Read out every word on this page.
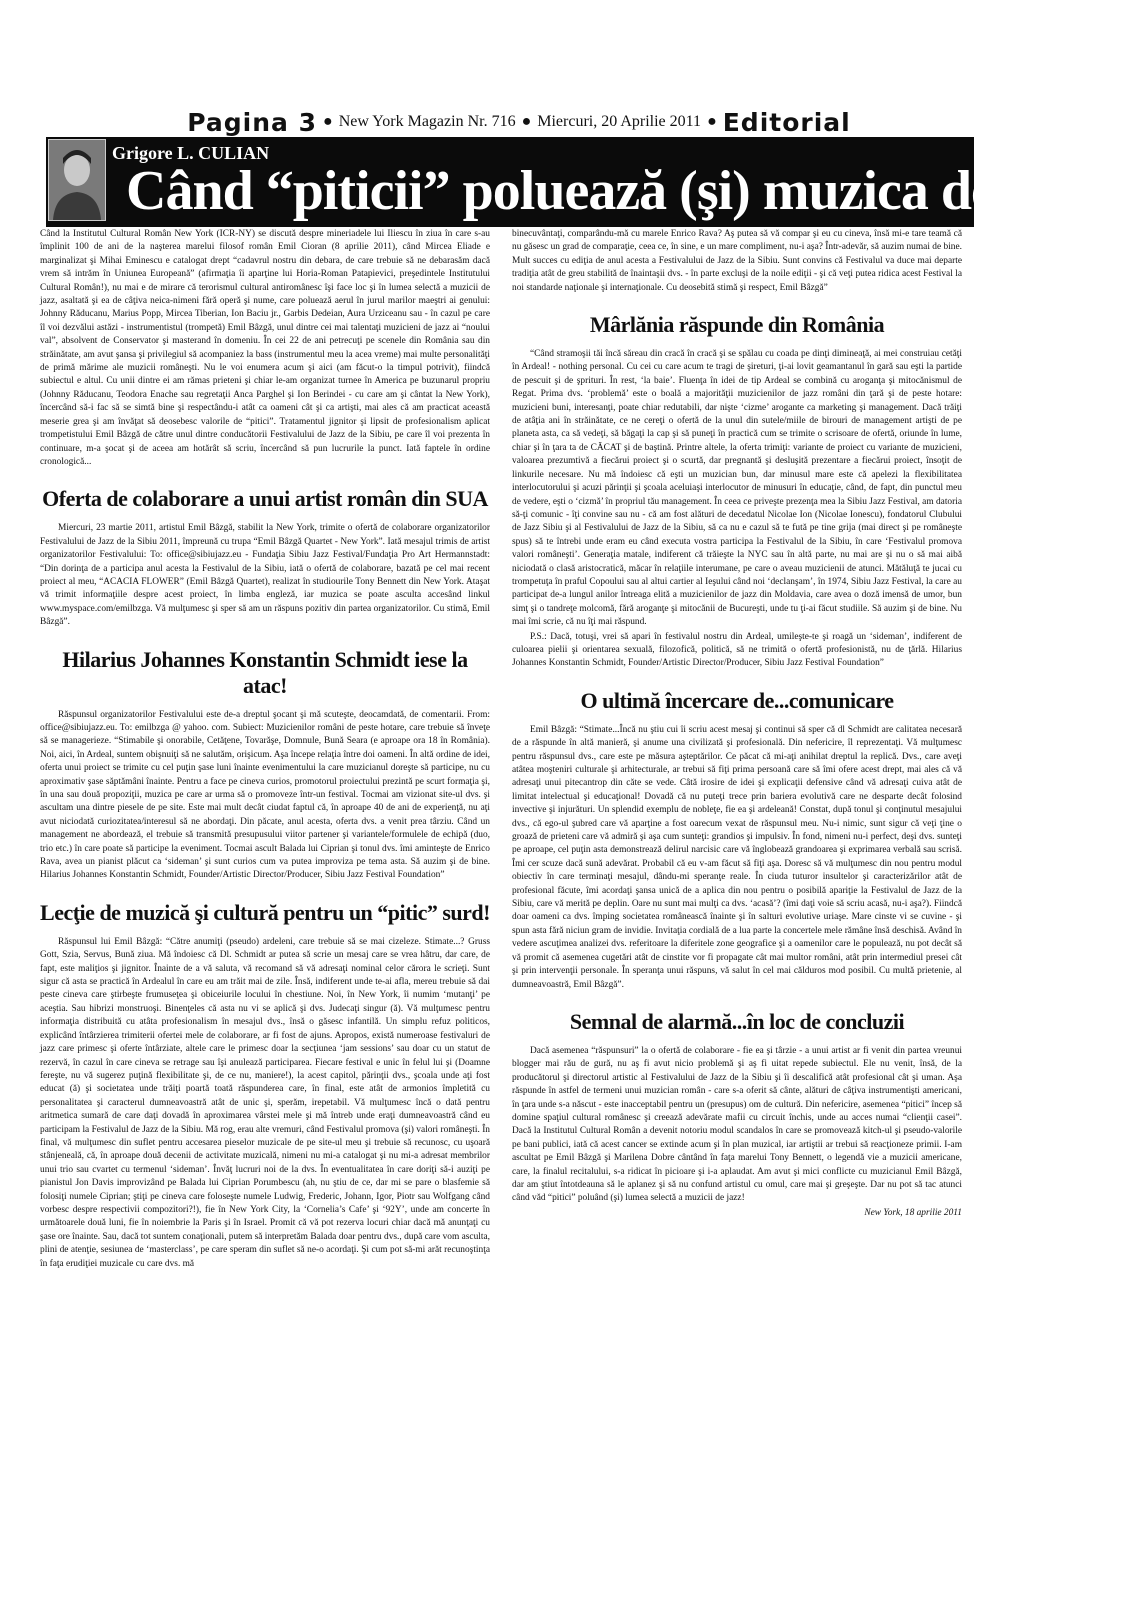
Pagina 3 ● New York Magazin Nr. 716 ● Miercuri, 20 Aprilie 2011 ● Editorial
Grigore L. CULIAN
Când “piticii” poluează (şi) muzica de jazz...

Când la Institutul Cultural Român New York (ICR-NY) se discută despre mineriadele lui Iliescu în ziua în care s-au împlinit 100 de ani de la naşterea marelui filosof român Emil Cioran (8 aprilie 2011), când Mircea Eliade e marginalizat şi Mihai Eminescu e catalogat drept “cadavrul nostru din debara, de care trebuie să ne debarasăm dacă vrem să intrăm în Uniunea Europeană” (afirmaţia îi aparţine lui Horia-Roman Patapievici, preşedintele Institutului Cultural Român!), nu mai e de mirare că terorismul cultural antiromânesc îşi face loc şi în lumea selectă a muzicii de jazz, asaltată şi ea de câţiva neica-nimeni fără operă şi nume, care poluează aerul în jurul marilor maeştri ai genului: Johnny Răducanu, Marius Popp, Mircea Tiberian, Ion Baciu jr., Garbis Dedeian, Aura Urziceanu sau - în cazul pe care îl voi dezvălui astăzi - instrumentistul (trompetă) Emil Bâzgă, unul dintre cei mai talentaţi muzicieni de jazz ai “noului val”, absolvent de Conservator şi masterand în domeniu. În cei 22 de ani petrecuţi pe scenele din România sau din străinătate, am avut şansa şi privilegiul să acompaniez la bass (instrumentul meu la acea vreme) mai multe personalităţi de primă mărime ale muzicii româneşti. Nu le voi enumera acum şi aici (am făcut-o la timpul potrivit), fiindcă subiectul e altul. Cu unii dintre ei am rămas prieteni şi chiar le-am organizat turnee în America pe buzunarul propriu (Johnny Răducanu, Teodora Enache sau regretaţii Anca Parghel şi Ion Berindei - cu care am şi cântat la New York), încercând să-i fac să se simtă bine şi respectându-i atât ca oameni cât şi ca artişti, mai ales că am practicat această meserie grea şi am învăţat să deosebesc valorile de “pitici”. Tratamentul jignitor şi lipsit de profesionalism aplicat trompetistului Emil Bâzgă de către unul dintre conducătorii Festivalului de Jazz de la Sibiu, pe care îl voi prezenta în continuare, m-a şocat şi de aceea am hotărât să scriu, încercând să pun lucrurile la punct. Iată faptele în ordine cronologică...

Oferta de colaborare a unui artist român din SUA

Miercuri, 23 martie 2011, artistul Emil Bâzgă, stabilit la New York, trimite o ofertă de colaborare organizatorilor Festivalului de Jazz de la Sibiu 2011, împreună cu trupa “Emil Bâzgă Quartet - New York”. Iată mesajul trimis de artist organizatorilor Festivalului: To: office@sibiujazz.eu - Fundaţia Sibiu Jazz Festival/Fundaţia Pro Art Hermannstadt: “Din dorinţa de a participa anul acesta la Festivalul de la Sibiu, iată o ofertă de colaborare, bazată pe cel mai recent proiect al meu, “ACACIA FLOWER” (Emil Bâzgă Quartet), realizat în studiourile Tony Bennett din New York. Ataşat vă trimit informaţiile despre acest proiect, în limba engleză, iar muzica se poate asculta accesând linkul www.myspace.com/emilbzga. Vă mulţumesc şi sper să am un răspuns pozitiv din partea organizatorilor. Cu stimă, Emil Bâzgă”.

Hilarius Johannes Konstantin Schmidt iese la atac!

Răspunsul organizatorilor Festivalului este de-a dreptul şocant şi mă scuteşte, deocamdată, de comentarii. From: office@sibiujazz.eu. To: emilbzga @ yahoo. com. Subiect: Muzicienilor români de peste hotare, care trebuie să înveţe să se managerieze. “Stimabile şi onorabile, Cetăţene, Tovarăşe, Domnule, Bună Seara (e aproape ora 18 în România). Noi, aici, în Ardeal, suntem obişnuiţi să ne salutăm, orişicum. Aşa începe relaţia între doi oameni. În altă ordine de idei, oferta unui proiect se trimite cu cel puţin şase luni înainte evenimentului la care muzicianul doreşte să participe, nu cu aproximativ şase săptămâni înainte. Pentru a face pe cineva curios, promotorul proiectului prezintă pe scurt formaţia şi, în una sau două propoziţii, muzica pe care ar urma să o promoveze într-un festival. Tocmai am vizionat site-ul dvs. şi ascultam una dintre piesele de pe site. Este mai mult decât ciudat faptul că, în aproape 40 de ani de experienţă, nu aţi avut niciodată curiozitatea/interesul să ne abordaţi. Din păcate, anul acesta, oferta dvs. a venit prea târziu. Când un management ne abordează, el trebuie să transmită presupusului viitor partener şi variantele/formulele de echipă (duo, trio etc.) în care poate să participe la eveniment. Tocmai ascult Balada lui Ciprian şi tonul dvs. îmi aminteşte de Enrico Rava, avea un pianist plăcut ca ‘sideman’ şi sunt curios cum va putea improviza pe tema asta. Să auzim şi de bine. Hilarius Johannes Konstantin Schmidt, Founder/Artistic Director/Producer, Sibiu Jazz Festival Foundation”

Lecţie de muzică şi cultură pentru un “pitic” surd!

Răspunsul lui Emil Bâzgă: “Către anumiţi (pseudo) ardeleni, care trebuie să se mai cizeleze. Stimate...? Gruss Gott, Szia, Servus, Bună ziua. Mă îndoiesc că Dl. Schmidt ar putea să scrie un mesaj care se vrea hâtru, dar care, de fapt, este maliţios şi jignitor. Înainte de a vă saluta, vă recomand să vă adresaţi nominal celor cărora le scrieţi. Sunt sigur că asta se practică în Ardealul în care eu am trăit mai de zile. Însă, indiferent unde te-ai afla, mereu trebuie să dai peste cineva care ştirbeşte frumuseţea şi obiceiurile locului în chestiune. Noi, în New York, îi numim ‘mutanţi’ pe aceştia. Sau hibrizi monstruoşi. Binenţeles că asta nu vi se aplică şi dvs. Judecaţi singur (ă). Vă mulţumesc pentru informaţia distribuită cu atâta profesionalism în mesajul dvs., însă o găsesc infantilă. Un simplu refuz politicos, explicând întârzierea trimiterii ofertei mele de colaborare, ar fi fost de ajuns. Apropos, există numeroase festivaluri de jazz care primesc şi oferte întârziate, altele care le primesc doar la secţiunea ‘jam sessions’ sau doar cu un statut de rezervă, în cazul în care cineva se retrage sau îşi anulează participarea. Fiecare festival e unic în felul lui şi (Doamne fereşte, nu vă sugerez puţină flexibilitate şi, de ce nu, maniere!), la acest capitol, părinţii dvs., şcoala unde aţi fost educat (ă) şi societatea unde trăiţi poartă toată răspunderea care, în final, este atât de armonios împletită cu personalitatea şi caracterul dumneavoastră atât de unic şi, sperăm, irepetabil. Vă mulţumesc încă o dată pentru aritmetica sumară de care daţi dovadă în aproximarea vârstei mele şi mă întreb unde eraţi dumneavoastră când eu participam la Festivalul de Jazz de la Sibiu. Mă rog, erau alte vremuri, când Festivalul promova (şi) valori româneşti. În final, vă mulţumesc din suflet pentru accesarea pieselor muzicale de pe site-ul meu şi trebuie să recunosc, cu uşoară stânjeneală, că, în aproape două decenii de activitate muzicală, nimeni nu mi-a catalogat şi nu mi-a adresat membrilor unui trio sau cvartet cu termenul ‘sideman’. Învăţ lucruri noi de la dvs. În eventualitatea în care doriţi să-i auziţi pe pianistul Jon Davis improvizând pe Balada lui Ciprian Porumbescu (ah, nu ştiu de ce, dar mi se pare o blasfemie să folosiţi numele Ciprian; ştiţi pe cineva care foloseşte numele Ludwig, Frederic, Johann, Igor, Piotr sau Wolfgang când vorbesc despre respectivii compozitori?!), fie în New York City, la ‘Cornelia’s Cafe’ şi ‘92Y’, unde am concerte în următoarele două luni, fie în noiembrie la Paris şi în Israel. Promit că vă pot rezerva locuri chiar dacă mă anunţaţi cu şase ore înainte. Sau, dacă tot suntem conaţionali, putem să interpretăm Balada doar pentru dvs., după care vom asculta, plini de atenţie, sesiunea de ‘masterclass’, pe care speram din suflet să ne-o acordaţi. Şi cum pot să-mi arăt recunoştinţa în faţa erudiţiei muzicale cu care dvs. mă

binecuvântaţi, comparându-mă cu marele Enrico Rava? Aş putea să vă compar şi eu cu cineva, însă mi-e tare teamă că nu găsesc un grad de comparaţie, ceea ce, în sine, e un mare compliment, nu-i aşa? Într-adevăr, să auzim numai de bine. Mult succes cu ediţia de anul acesta a Festivalului de Jazz de la Sibiu. Sunt convins că Festivalul va duce mai departe tradiţia atât de greu stabilită de înaintaşii dvs. - în parte excluşi de la noile ediţii - şi că veţi putea ridica acest Festival la noi standarde naţionale şi internaţionale. Cu deosebită stimă şi respect, Emil Bâzgă”

Mârlănia răspunde din România

“Când stramoşii tăi încă săreau din cracă în cracă şi se spălau cu coada pe dinţi dimineaţă, ai mei construiau cetăţi în Ardeal! - nothing personal. Cu cei cu care acum te tragi de şireturi, ţi-ai lovit geamantanul în gară sau eşti la partide de pescuit şi de şprituri. În rest, ‘la baie’. Fluenţa în idei de tip Ardeal se combină cu aroganţa şi mitocănismul de Regat. Prima dvs. ‘problemă’ este o boală a majorităţii muzicienilor de jazz români din ţară şi de peste hotare: muzicieni buni, interesanţi, poate chiar redutabili, dar nişte ‘cizme’ arogante ca marketing şi management. Dacă trăiţi de atâţia ani în străinătate, ce ne cereţi o ofertă de la unul din sutele/miile de birouri de management artişti de pe planeta asta, ca să vedeţi, să băgaţi la cap şi să puneţi în practică cum se trimite o scrisoare de ofertă, oriunde în lume, chiar şi în ţara ta de CĂCAT şi de baştină. Printre altele, la oferta trimiţi: variante de proiect cu variante de muzicieni, valoarea prezumtivă a fiecărui proiect şi o scurtă, dar pregnantă şi desluşită prezentare a fiecărui proiect, însoţit de linkurile necesare. Nu mă îndoiesc că eşti un muzician bun, dar minusul mare este că apelezi la flexibilitatea interlocutorului şi acuzi părinţii şi şcoala aceluiaşi interlocutor de minusuri în educaţie, când, de fapt, din punctul meu de vedere, eşti o ‘cizmă’ în propriul tău management. În ceea ce priveşte prezenţa mea la Sibiu Jazz Festival, am datoria să-ţi comunic - îţi convine sau nu - că am fost alături de decedatul Nicolae Ion (Nicolae Ionescu), fondatorul Clubului de Jazz Sibiu şi al Festivalului de Jazz de la Sibiu, să ca nu e cazul să te fută pe tine grija (mai direct şi pe româneşte spus) să te întrebi unde eram eu când executa vostra participa la Festivalul de la Sibiu, în care ‘Festivalul promova valori româneşti’. Generaţia matale, indiferent că trăieşte la NYC sau în altă parte, nu mai are şi nu o să mai aibă niciodată o clasă aristocratică, măcar în relaţiile interumane, pe care o aveau muzicienii de atunci. Mătăluţă te jucai cu trompetuţa în praful Copoului sau al altui cartier al Ieşului când noi ‘declanşam’, în 1974, Sibiu Jazz Festival, la care au participat de-a lungul anilor întreaga elită a muzicienilor de jazz din Moldavia, care avea o doză imensă de umor, bun simţ şi o tandreţe molcomă, fără aroganţe şi mitocănii de Bucureşti, unde tu ţi-ai făcut studiile. Să auzim şi de bine. Nu mai îmi scrie, că nu îţi mai răspund.

P.S.: Dacă, totuşi, vrei să apari în festivalul nostru din Ardeal, umileşte-te şi roagă un ‘sideman’, indiferent de culoarea pielii şi orientarea sexuală, filozofică, politică, să ne trimită o ofertă profesionistă, nu de ţărlă. Hilarius Johannes Konstantin Schmidt, Founder/Artistic Director/Producer, Sibiu Jazz Festival Foundation”

O ultimă încercare de...comunicare

Emil Bâzgă: “Stimate...Încă nu ştiu cui îi scriu acest mesaj şi continui să sper că dl Schmidt are calitatea necesară de a răspunde în altă manieră, şi anume una civilizată şi profesională. Din nefericire, îl reprezentaţi. Vă mulţumesc pentru răspunsul dvs., care este pe măsura aşteptărilor. Ce păcat că mi-aţi anihilat dreptul la replică. Dvs., care aveţi atâtea moşteniri culturale şi arhitecturale, ar trebui să fiţi prima persoană care să îmi ofere acest drept, mai ales că vă adresaţi unui pitecantrop din căte se vede. Câtă irosire de idei şi explicaţii defensive când vă adresaţi cuiva atât de limitat intelectual şi educaţional! Dovadă că nu puteţi trece prin bariera evolutivă care ne desparte decât folosind invective şi injurături. Un splendid exemplu de nobleţe, fie ea şi ardeleană! Constat, după tonul şi conţinutul mesajului dvs., că ego-ul şubred care vă aparţine a fost oarecum vexat de răspunsul meu. Nu-i nimic, sunt sigur că veţi ţine o groază de prieteni care vă admiră şi aşa cum sunteţi: grandios şi impulsiv. În fond, nimeni nu-i perfect, deşi dvs. sunteţi pe aproape, cel puţin asta demonstrează delirul narcisic care vă înglobează grandoarea şi exprimarea verbală sau scrisă. Îmi cer scuze dacă sună adevărat. Probabil că eu v-am făcut să fiţi aşa. Doresc să vă mulţumesc din nou pentru modul obiectiv în care terminaţi mesajul, dându-mi speranţe reale. În ciuda tuturor insultelor şi caracterizărilor atât de profesional făcute, îmi acordaţi şansa unică de a aplica din nou pentru o posibilă apariţie la Festivalul de Jazz de la Sibiu, care vă merită pe deplin. Oare nu sunt mai mulţi ca dvs. ‘acasă’? (îmi daţi voie să scriu acasă, nu-i aşa?). Fiindcă doar oameni ca dvs. împing societatea românească înainte şi în salturi evolutive uriaşe. Mare cinste vi se cuvine - şi spun asta fără niciun gram de invidie. Invitaţia cordială de a lua parte la concertele mele rămâne însă deschisă. Având în vedere ascuţimea analizei dvs. referitoare la diferitele zone geografice şi a oamenilor care le populează, nu pot decât să vă promit că asemenea cugetări atât de cinstite vor fi propagate cât mai multor români, atât prin intermediul presei cât şi prin intervenţii personale. În speranţa unui răspuns, vă salut în cel mai călduros mod posibil. Cu multă prietenie, al dumneavoastră, Emil Bâzgă”.

Semnal de alarmă...în loc de concluzii

Dacă asemenea “răspunsuri” la o ofertă de colaborare - fie ea şi târzie - a unui artist ar fi venit din partea vreunui blogger mai rău de gură, nu aş fi avut nicio problemă şi aş fi uitat repede subiectul. Ele nu venit, însă, de la producătorul şi directorul artistic al Festivalului de Jazz de la Sibiu şi îi descalifică atât profesional cât şi uman. Aşa răspunde în astfel de termeni unui muzician român - care s-a oferit să cânte, alături de câţiva instrumentişti americani, în ţara unde s-a născut - este inacceptabil pentru un (presupus) om de cultură. Din nefericire, asemenea “pitici” încep să domine spaţiul cultural românesc şi creează adevărate mafii cu circuit închis, unde au acces numai “clienţii casei”. Dacă la Institutul Cultural Român a devenit notoriu modul scandalos în care se promovează kitch-ul şi pseudo-valorile pe bani publici, iată că acest cancer se extinde acum şi în plan muzical, iar artiştii ar trebui să reacţioneze primii. I-am ascultat pe Emil Bâzgă şi Marilena Dobre cântând în faţa marelui Tony Bennett, o legendă vie a muzicii americane, care, la finalul recitalului, s-a ridicat în picioare şi i-a aplaudat. Am avut şi mici conflicte cu muzicianul Emil Bâzgă, dar am ştiut întotdeauna să le aplanez şi să nu confund artistul cu omul, care mai şi greşeşte. Dar nu pot să tac atunci când văd “pitici” poluând (şi) lumea selectă a muzicii de jazz!

New York, 18 aprilie 2011
